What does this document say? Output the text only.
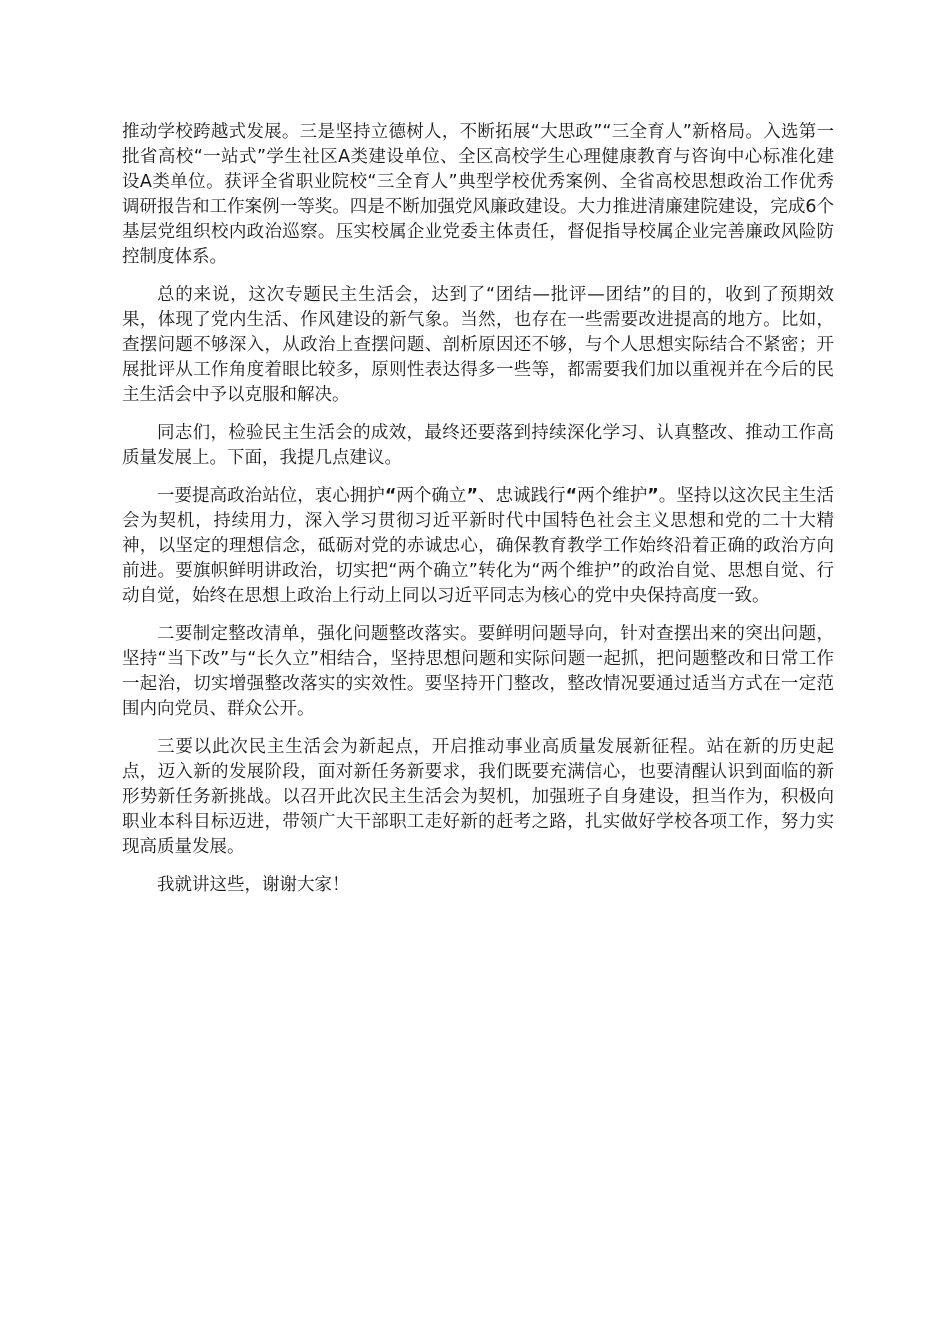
推动学校跨越式发展。三是坚持立德树人，不断拓展“大思政”“三全育人”新格局。入选第一批省高校“一站式”学生社区A类建设单位、全区高校学生心理健康教育与咨询中心标准化建设A类单位。获评全省职业院校“三全育人”典型学校优秀案例、全省高校思想政治工作优秀调研报告和工作案例一等奖。四是不断加强党风廉政建设。大力推进清廉建院建设，完成6个基层党组织校内政治巡察。压实校属企业党委主体责任，督促指导校属企业完善廉政风险防控制度体系。

总的来说，这次专题民主生活会，达到了“团结—批评—团结”的目的，收到了预期效果，体现了党内生活、作风建设的新气象。当然，也存在一些需要改进提高的地方。比如，查摆问题不够深入，从政治上查摆问题、剖析原因还不够，与个人思想实际结合不紧密；开展批评从工作角度着眼比较多，原则性表达得多一些等，都需要我们加以重视并在今后的民主生活会中予以克服和解决。

同志们，检验民主生活会的成效，最终还要落到持续深化学习、认真整改、推动工作高质量发展上。下面，我提几点建议。

一要提高政治站位，衷心拥护“两个确立”、忠诚践行“两个维护”。坚持以这次民主生活会为契机，持续用力，深入学习贯彻习近平新时代中国特色社会主义思想和党的二十大精神，以坚定的理想信念，砥砺对党的赤诚忠心，确保教育教学工作始终沿着正确的政治方向前进。要旗帜鲜明讲政治，切实把“两个确立”转化为“两个维护”的政治自觉、思想自觉、行动自觉，始终在思想上政治上行动上同以习近平同志为核心的党中央保持高度一致。

二要制定整改清单，强化问题整改落实。要鲜明问题导向，针对查摆出来的突出问题，坚持“当下改”与“长久立”相结合，坚持思想问题和实际问题一起抓，把问题整改和日常工作一起治，切实增强整改落实的实效性。要坚持开门整改，整改情况要通过适当方式在一定范围内向党员、群众公开。

三要以此次民主生活会为新起点，开启推动事业高质量发展新征程。站在新的历史起点，迈入新的发展阶段，面对新任务新要求，我们既要充满信心，也要清醒认识到面临的新形势新任务新挑战。以召开此次民主生活会为契机，加强班子自身建设，担当作为，积极向职业本科目标迈进，带领广大干部职工走好新的赶考之路，扎实做好学校各项工作，努力实现高质量发展。

我就讲这些，谢谢大家！
